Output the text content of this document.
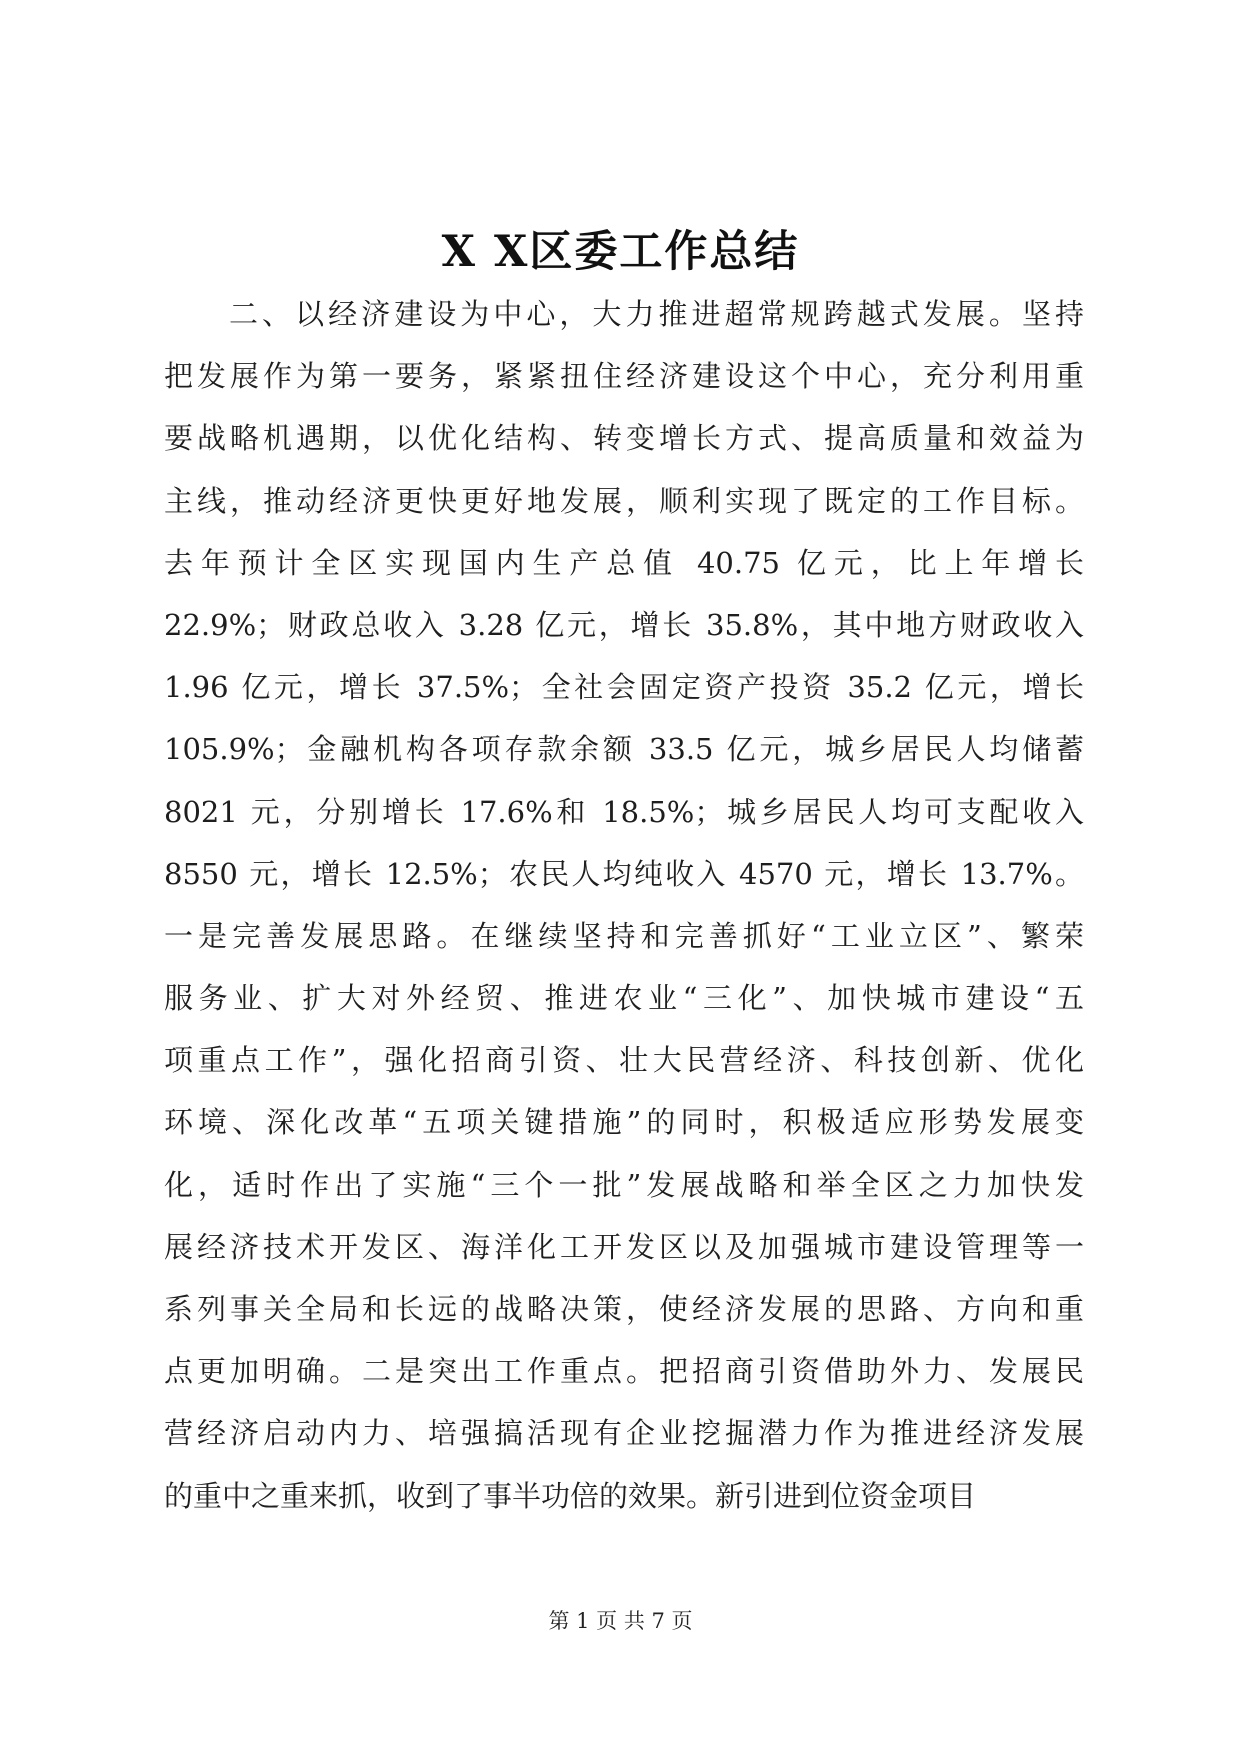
X X区委工作总结
二、以经济建设为中心，大力推进超常规跨越式发展。坚持
把发展作为第一要务，紧紧扭住经济建设这个中心，充分利用重
要战略机遇期，以优化结构、转变增长方式、提高质量和效益为
主线，推动经济更快更好地发展，顺利实现了既定的工作目标。
去年预计全区实现国内生产总值 40.75 亿元，比上年增长
22.9%；财政总收入 3.28 亿元，增长 35.8%，其中地方财政收入
1.96 亿元，增长 37.5%；全社会固定资产投资 35.2 亿元，增长
105.9%；金融机构各项存款余额 33.5 亿元，城乡居民人均储蓄
8021 元，分别增长 17.6%和 18.5%；城乡居民人均可支配收入
8550 元，增长 12.5%；农民人均纯收入 4570 元，增长 13.7%。
一是完善发展思路。在继续坚持和完善抓好“工业立区”、繁荣
服务业、扩大对外经贸、推进农业“三化”、加快城市建设“五
项重点工作”，强化招商引资、壮大民营经济、科技创新、优化
环境、深化改革“五项关键措施”的同时，积极适应形势发展变
化，适时作出了实施“三个一批”发展战略和举全区之力加快发
展经济技术开发区、海洋化工开发区以及加强城市建设管理等一
系列事关全局和长远的战略决策，使经济发展的思路、方向和重
点更加明确。二是突出工作重点。把招商引资借助外力、发展民
营经济启动内力、培强搞活现有企业挖掘潜力作为推进经济发展
的重中之重来抓，收到了事半功倍的效果。新引进到位资金项目
第 1 页 共 7 页
